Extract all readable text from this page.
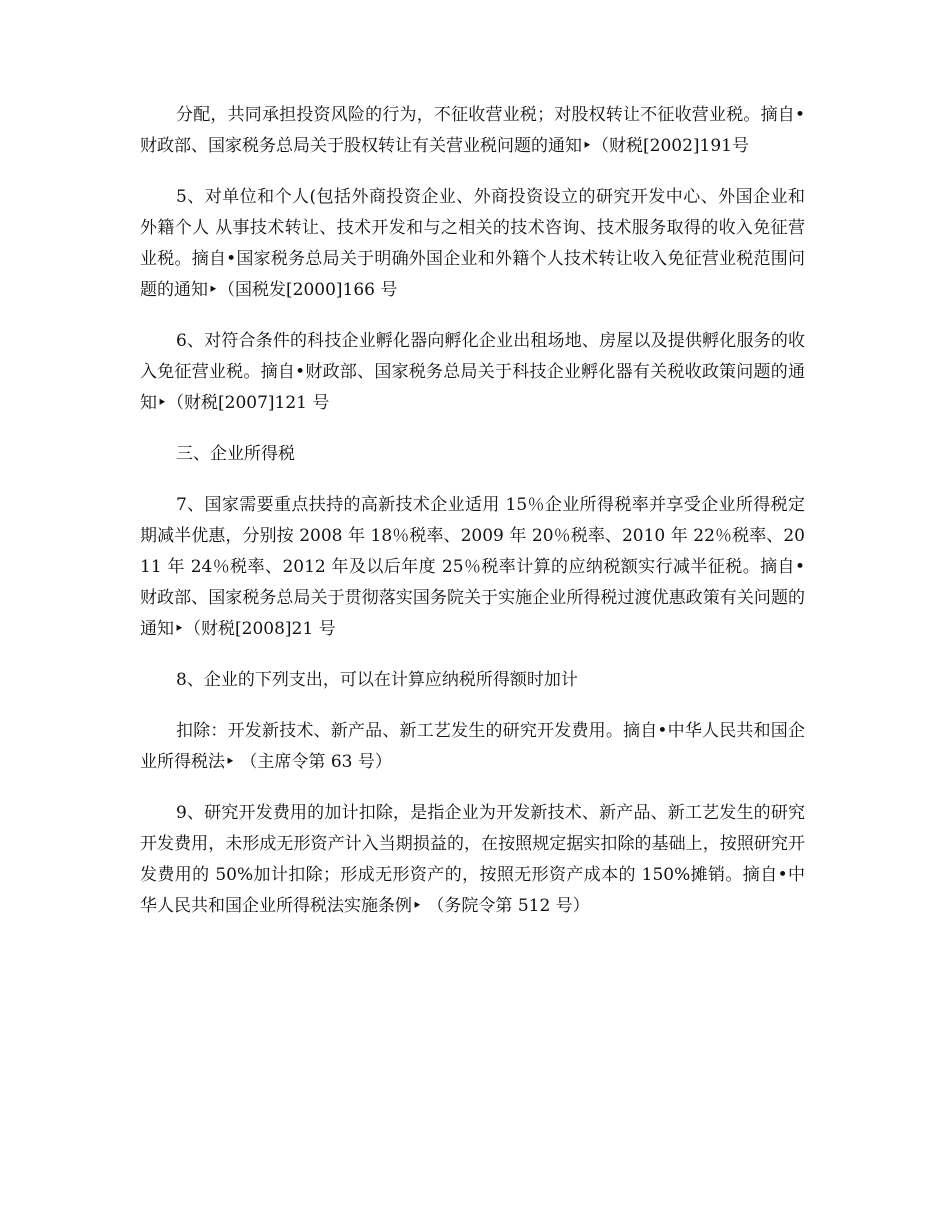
分配，共同承担投资风险的行为，不征收营业税；对股权转让不征收营业税。摘自•财政部、国家税务总局关于股权转让有关营业税问题的通知‣（财税[2002]191号

5、对单位和个人(包括外商投资企业、外商投资设立的研究开发中心、外国企业和外籍个人 从事技术转让、技术开发和与之相关的技术咨询、技术服务取得的收入免征营业税。摘自•国家税务总局关于明确外国企业和外籍个人技术转让收入免征营业税范围问题的通知‣（国税发[2000]166 号

6、对符合条件的科技企业孵化器向孵化企业出租场地、房屋以及提供孵化服务的收入免征营业税。摘自•财政部、国家税务总局关于科技企业孵化器有关税收政策问题的通知‣（财税[2007]121 号

三、企业所得税

7、国家需要重点扶持的高新技术企业适用 15％企业所得税率并享受企业所得税定期减半优惠，分别按 2008 年 18％税率、2009 年 20％税率、2010 年 22％税率、2011 年 24％税率、2012 年及以后年度 25％税率计算的应纳税额实行减半征税。摘自•财政部、国家税务总局关于贯彻落实国务院关于实施企业所得税过渡优惠政策有关问题的通知‣（财税[2008]21 号

8、企业的下列支出，可以在计算应纳税所得额时加计

扣除：开发新技术、新产品、新工艺发生的研究开发费用。摘自•中华人民共和国企业所得税法‣ （主席令第 63 号）

9、研究开发费用的加计扣除，是指企业为开发新技术、新产品、新工艺发生的研究开发费用，未形成无形资产计入当期损益的，在按照规定据实扣除的基础上，按照研究开发费用的 50%加计扣除；形成无形资产的，按照无形资产成本的 150%摊销。摘自•中华人民共和国企业所得税法实施条例‣ （务院令第 512 号）
